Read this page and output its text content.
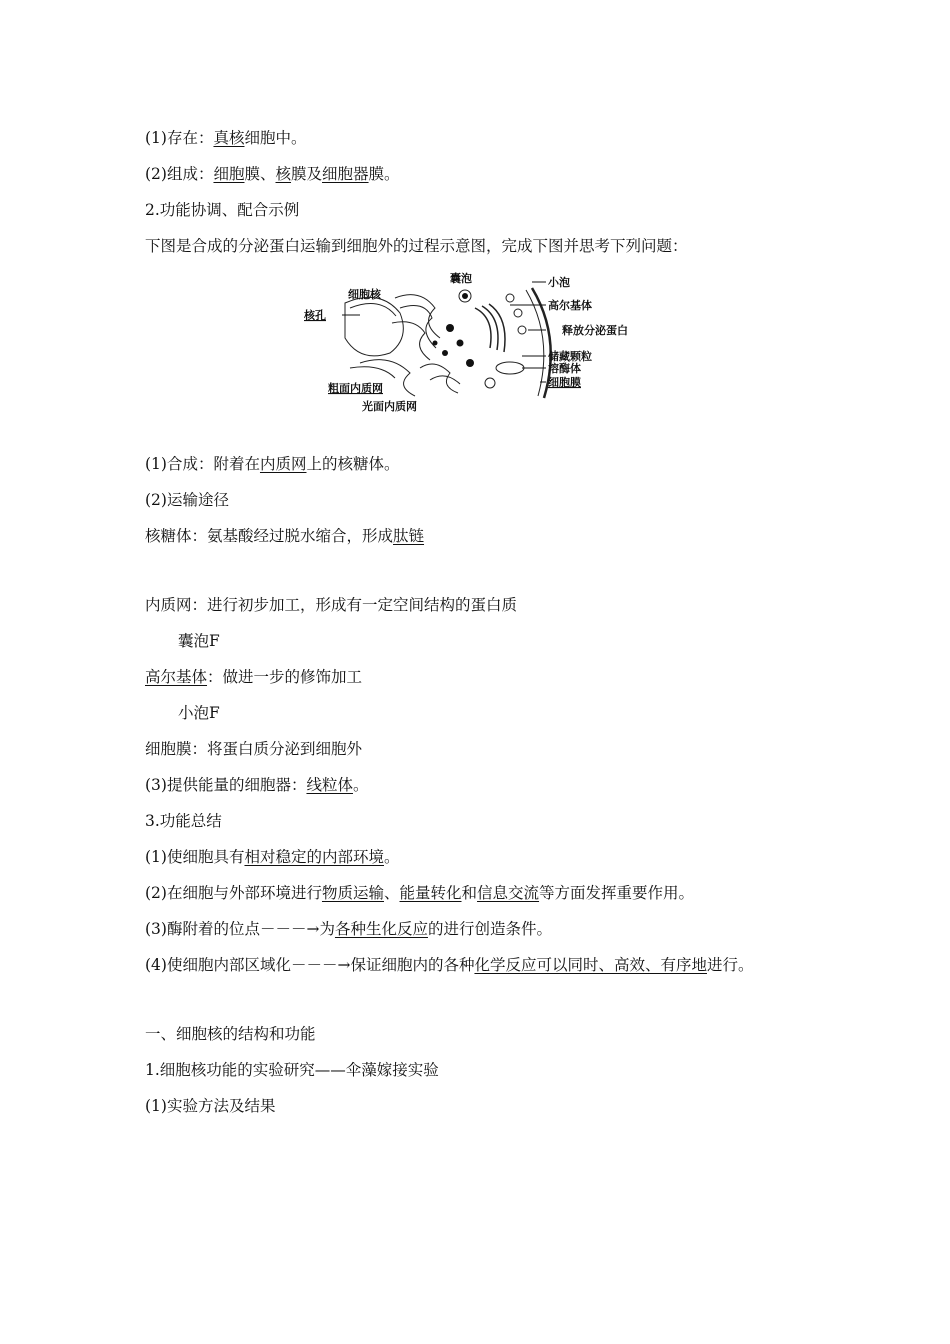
(1)存在：真核细胞中。
(2)组成：细胞膜、核膜及细胞器膜。
2.功能协调、配合示例
下图是合成的分泌蛋白运输到细胞外的过程示意图，完成下图并思考下列问题：
细胞核
囊泡	小泡
高尔基体
核孔
释放分泌蛋白
储藏颗粒
溶酶体
细胞膜
粗面内质网
光面内质网
(1)合成：附着在内质网上的核糖体。
(2)运输途径
核糖体：氨基酸经过脱水缩合，形成肽链
内质网：进行初步加工，形成有一定空间结构的蛋白质
囊泡F
高尔基体：做进一步的修饰加工
小泡F
细胞膜：将蛋白质分泌到细胞外
(3)提供能量的细胞器：线粒体。
3.功能总结
(1)使细胞具有相对稳定的内部环境。
(2)在细胞与外部环境进行物质运输、能量转化和信息交流等方面发挥重要作用。
(3)酶附着的位点－－－→为各种生化反应的进行创造条件。
(4)使细胞内部区域化－－－→保证细胞内的各种化学反应可以同时、高效、有序地进行。
一、细胞核的结构和功能
1.细胞核功能的实验研究——伞藻嫁接实验
(1)实验方法及结果
